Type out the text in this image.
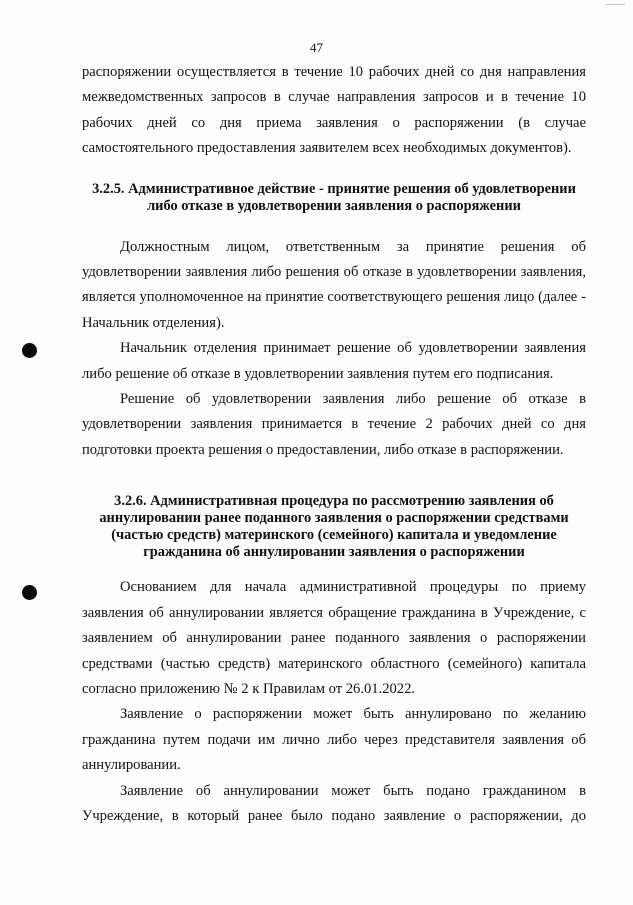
47

распоряжении осуществляется в течение 10 рабочих дней со дня направления межведомственных запросов в случае направления запросов и в течение 10 рабочих дней со дня приема заявления о распоряжении (в случае самостоятельного предоставления заявителем всех необходимых документов).

3.2.5. Административное действие - принятие решения об удовлетворении либо отказе в удовлетворении заявления о распоряжении

Должностным лицом, ответственным за принятие решения об удовлетворении заявления либо решения об отказе в удовлетворении заявления, является уполномоченное на принятие соответствующего решения лицо (далее - Начальник отделения).

Начальник отделения принимает решение об удовлетворении заявления либо решение об отказе в удовлетворении заявления путем его подписания.

Решение об удовлетворении заявления либо решение об отказе в удовлетворении заявления принимается в течение 2 рабочих дней со дня подготовки проекта решения о предоставлении, либо отказе в распоряжении.

3.2.6. Административная процедура по рассмотрению заявления об аннулировании ранее поданного заявления о распоряжении средствами (частью средств) материнского (семейного) капитала и уведомление гражданина об аннулировании заявления о распоряжении

Основанием для начала административной процедуры по приему заявления об аннулировании является обращение гражданина в Учреждение, с заявлением об аннулировании ранее поданного заявления о распоряжении средствами (частью средств) материнского областного (семейного) капитала согласно приложению № 2 к Правилам от 26.01.2022.

Заявление о распоряжении может быть аннулировано по желанию гражданина путем подачи им лично либо через представителя заявления об аннулировании.

Заявление об аннулировании может быть подано гражданином в Учреждение, в который ранее было подано заявление о распоряжении, до
